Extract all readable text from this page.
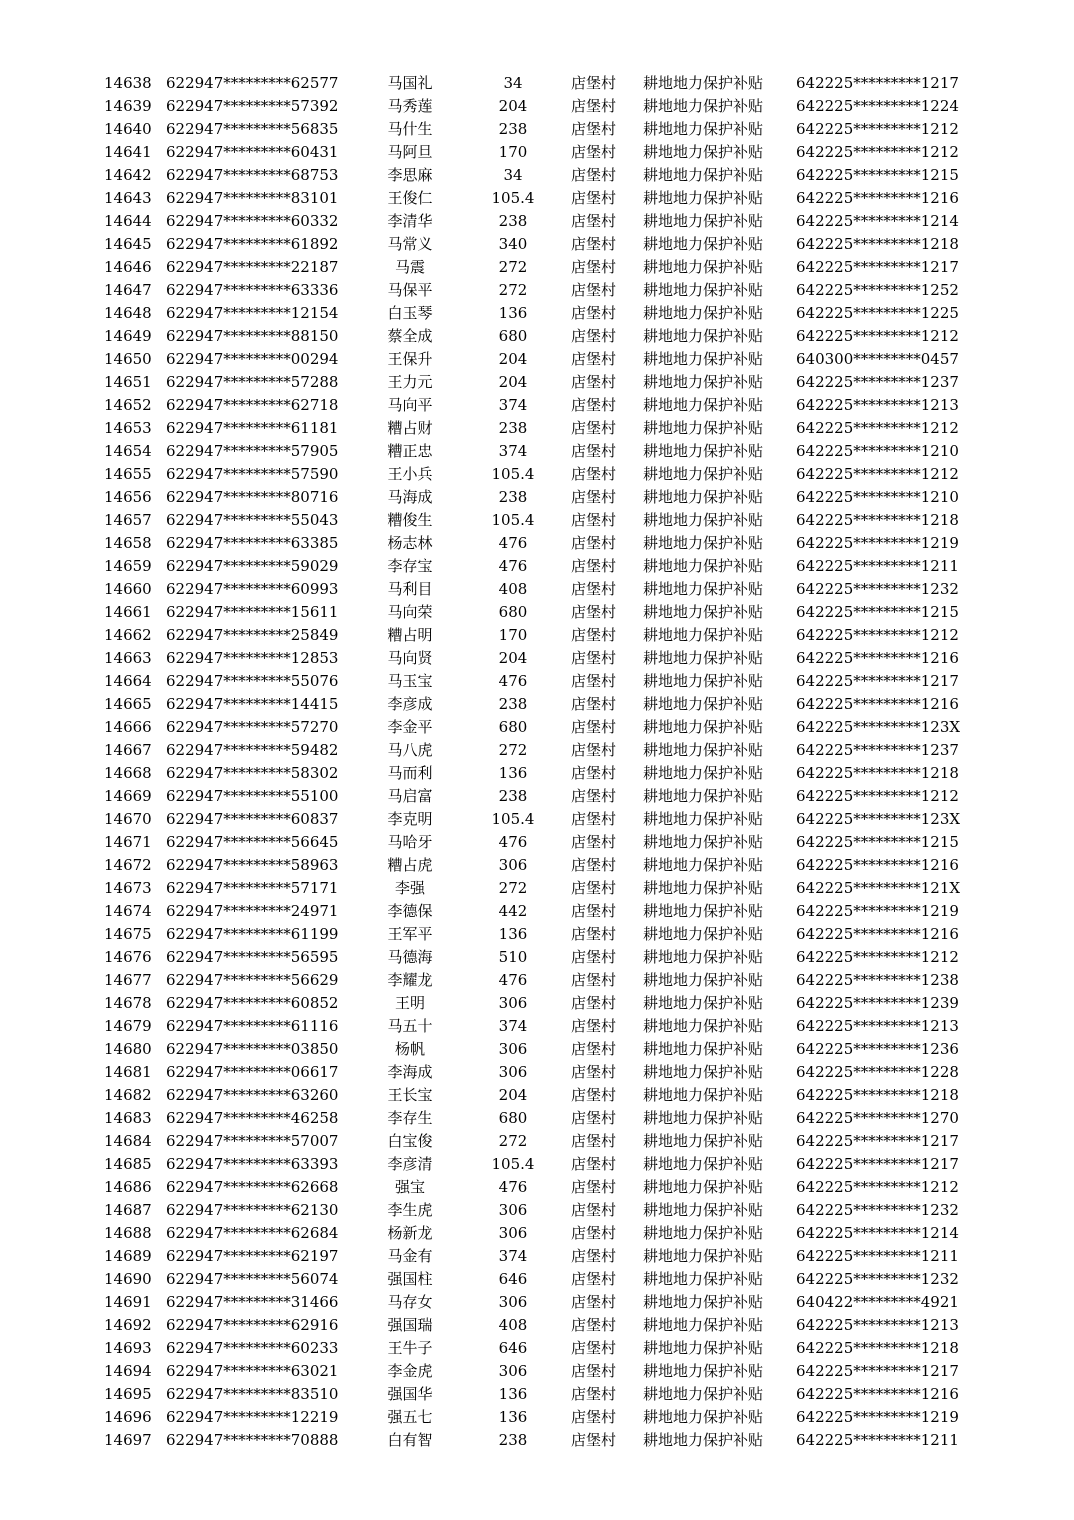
14638 622947*********62577	马国礼	34	店堡村	耕地地力保护补贴	642225*********1217
14639 622947*********57392	马秀莲	204	店堡村	耕地地力保护补贴	642225*********1224
14640 622947*********56835	马什生	238	店堡村	耕地地力保护补贴	642225*********1212
14641 622947*********60431	马阿旦	170	店堡村	耕地地力保护补贴	642225*********1212
14642 622947*********68753	李思麻	34	店堡村	耕地地力保护补贴	642225*********1215
14643 622947*********83101	王俊仁	105.4	店堡村	耕地地力保护补贴	642225*********1216
14644 622947*********60332	李清华	238	店堡村	耕地地力保护补贴	642225*********1214
14645 622947*********61892	马常义	340	店堡村	耕地地力保护补贴	642225*********1218
14646 622947*********22187	马震	272	店堡村	耕地地力保护补贴	642225*********1217
14647 622947*********63336	马保平	272	店堡村	耕地地力保护补贴	642225*********1252
14648 622947*********12154	白玉琴	136	店堡村	耕地地力保护补贴	642225*********1225
14649 622947*********88150	蔡全成	680	店堡村	耕地地力保护补贴	642225*********1212
14650 622947*********00294	王保升	204	店堡村	耕地地力保护补贴	640300*********0457
14651 622947*********57288	王力元	204	店堡村	耕地地力保护补贴	642225*********1237
14652 622947*********62718	马向平	374	店堡村	耕地地力保护补贴	642225*********1213
14653 622947*********61181	糟占财	238	店堡村	耕地地力保护补贴	642225*********1212
14654 622947*********57905	糟正忠	374	店堡村	耕地地力保护补贴	642225*********1210
14655 622947*********57590	王小兵	105.4	店堡村	耕地地力保护补贴	642225*********1212
14656 622947*********80716	马海成	238	店堡村	耕地地力保护补贴	642225*********1210
14657 622947*********55043	糟俊生	105.4	店堡村	耕地地力保护补贴	642225*********1218
14658 622947*********63385	杨志林	476	店堡村	耕地地力保护补贴	642225*********1219
14659 622947*********59029	李存宝	476	店堡村	耕地地力保护补贴	642225*********1211
14660 622947*********60993	马利目	408	店堡村	耕地地力保护补贴	642225*********1232
14661 622947*********15611	马向荣	680	店堡村	耕地地力保护补贴	642225*********1215
14662 622947*********25849	糟占明	170	店堡村	耕地地力保护补贴	642225*********1212
14663 622947*********12853	马向贤	204	店堡村	耕地地力保护补贴	642225*********1216
14664 622947*********55076	马玉宝	476	店堡村	耕地地力保护补贴	642225*********1217
14665 622947*********14415	李彦成	238	店堡村	耕地地力保护补贴	642225*********1216
14666 622947*********57270	李金平	680	店堡村	耕地地力保护补贴	642225*********123X
14667 622947*********59482	马八虎	272	店堡村	耕地地力保护补贴	642225*********1237
14668 622947*********58302	马而利	136	店堡村	耕地地力保护补贴	642225*********1218
14669 622947*********55100	马启富	238	店堡村	耕地地力保护补贴	642225*********1212
14670 622947*********60837	李克明	105.4	店堡村	耕地地力保护补贴	642225*********123X
14671 622947*********56645	马哈牙	476	店堡村	耕地地力保护补贴	642225*********1215
14672 622947*********58963	糟占虎	306	店堡村	耕地地力保护补贴	642225*********1216
14673 622947*********57171	李强	272	店堡村	耕地地力保护补贴	642225*********121X
14674 622947*********24971	李德保	442	店堡村	耕地地力保护补贴	642225*********1219
14675 622947*********61199	王军平	136	店堡村	耕地地力保护补贴	642225*********1216
14676 622947*********56595	马德海	510	店堡村	耕地地力保护补贴	642225*********1212
14677 622947*********56629	李耀龙	476	店堡村	耕地地力保护补贴	642225*********1238
14678 622947*********60852	王明	306	店堡村	耕地地力保护补贴	642225*********1239
14679 622947*********61116	马五十	374	店堡村	耕地地力保护补贴	642225*********1213
14680 622947*********03850	杨帆	306	店堡村	耕地地力保护补贴	642225*********1236
14681 622947*********06617	李海成	306	店堡村	耕地地力保护补贴	642225*********1228
14682 622947*********63260	王长宝	204	店堡村	耕地地力保护补贴	642225*********1218
14683 622947*********46258	李存生	680	店堡村	耕地地力保护补贴	642225*********1270
14684 622947*********57007	白宝俊	272	店堡村	耕地地力保护补贴	642225*********1217
14685 622947*********63393	李彦清	105.4	店堡村	耕地地力保护补贴	642225*********1217
14686 622947*********62668	强宝	476	店堡村	耕地地力保护补贴	642225*********1212
14687 622947*********62130	李生虎	306	店堡村	耕地地力保护补贴	642225*********1232
14688 622947*********62684	杨新龙	306	店堡村	耕地地力保护补贴	642225*********1214
14689 622947*********62197	马金有	374	店堡村	耕地地力保护补贴	642225*********1211
14690 622947*********56074	强国柱	646	店堡村	耕地地力保护补贴	642225*********1232
14691 622947*********31466	马存女	306	店堡村	耕地地力保护补贴	640422*********4921
14692 622947*********62916	强国瑞	408	店堡村	耕地地力保护补贴	642225*********1213
14693 622947*********60233	王牛子	646	店堡村	耕地地力保护补贴	642225*********1218
14694 622947*********63021	李金虎	306	店堡村	耕地地力保护补贴	642225*********1217
14695 622947*********83510	强国华	136	店堡村	耕地地力保护补贴	642225*********1216
14696 622947*********12219	强五七	136	店堡村	耕地地力保护补贴	642225*********1219
14697 622947*********70888	白有智	238	店堡村	耕地地力保护补贴	642225*********1211
